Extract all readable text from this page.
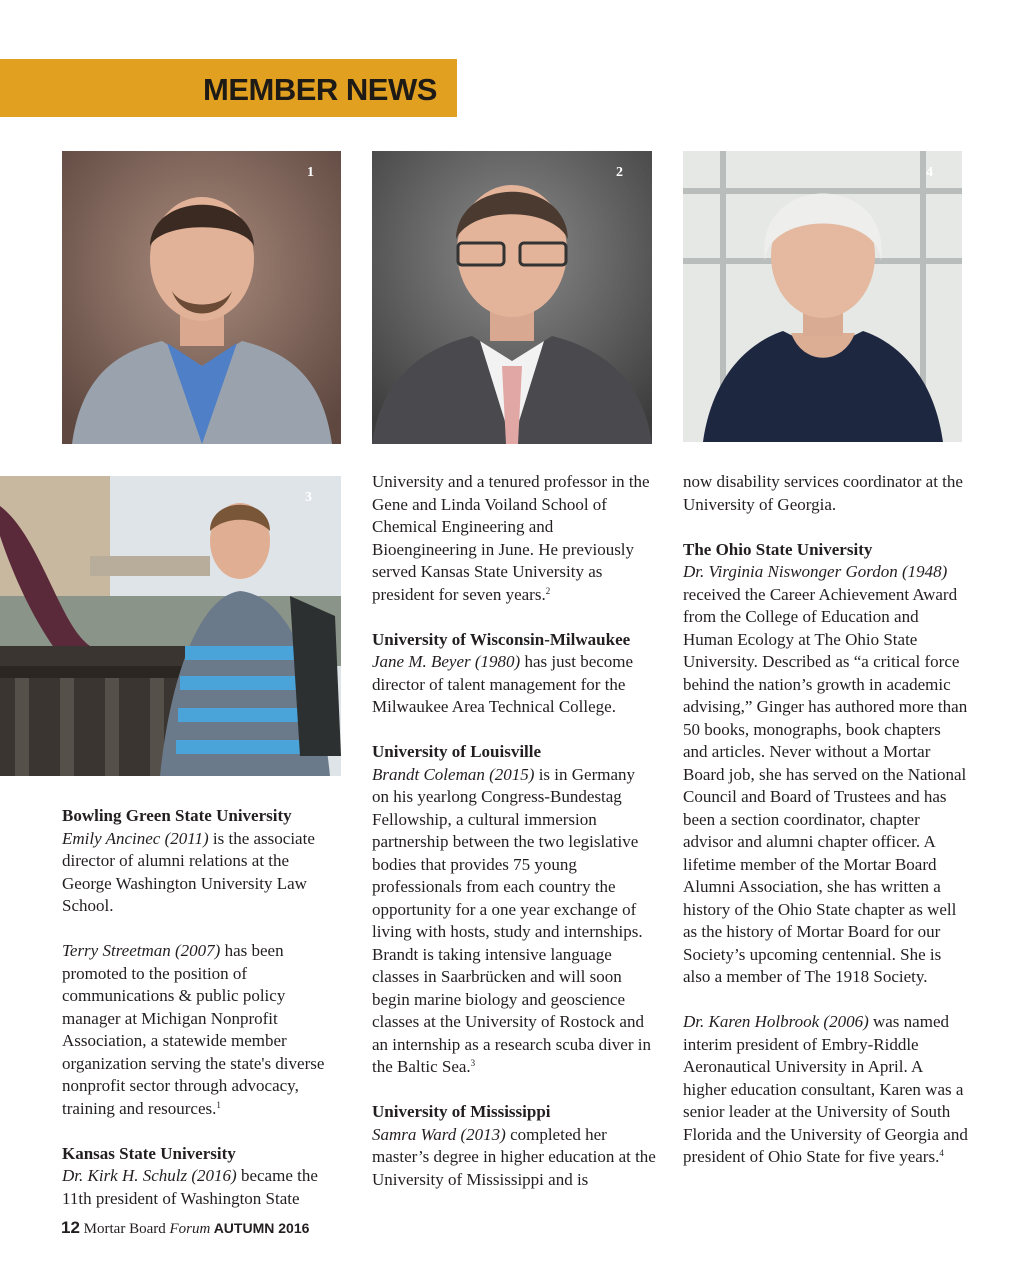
MEMBER NEWS
1	2	4
3

Bowling Green State University
Emily Ancinec (2011) is the associate director of alumni relations at the George Washington University Law School.

Terry Streetman (2007) has been promoted to the position of communications & public policy manager at Michigan Nonprofit Association, a statewide member organization serving the state's diverse nonprofit sector through advocacy, training and resources.$^1$

Kansas State University
Dr. Kirk H. Schulz (2016) became the 11th president of Washington State

University and a tenured professor in the Gene and Linda Voiland School of Chemical Engineering and Bioengineering in June. He previously served Kansas State University as president for seven years.$^2$

University of Wisconsin-Milwaukee
Jane M. Beyer (1980) has just become director of talent management for the Milwaukee Area Technical College.

University of Louisville
Brandt Coleman (2015) is in Germany on his yearlong Congress-Bundestag Fellowship, a cultural immersion partnership between the two legislative bodies that provides 75 young professionals from each country the opportunity for a one year exchange of living with hosts, study and internships. Brandt is taking intensive language classes in Saarbrücken and will soon begin marine biology and geoscience classes at the University of Rostock and an internship as a research scuba diver in the Baltic Sea.$^3$

University of Mississippi
Samra Ward (2013) completed her master’s degree in higher education at the University of Mississippi and is

now disability services coordinator at the University of Georgia.

The Ohio State University
Dr. Virginia Niswonger Gordon (1948) received the Career Achievement Award from the College of Education and Human Ecology at The Ohio State University. Described as “a critical force behind the nation’s growth in academic advising,” Ginger has authored more than 50 books, monographs, book chapters and articles. Never without a Mortar Board job, she has served on the National Council and Board of Trustees and has been a section coordinator, chapter advisor and alumni chapter officer. A lifetime member of the Mortar Board Alumni Association, she has written a history of the Ohio State chapter as well as the history of Mortar Board for our Society’s upcoming centennial. She is also a member of The 1918 Society.

Dr. Karen Holbrook (2006) was named interim president of Embry-Riddle Aeronautical University in April. A higher education consultant, Karen was a senior leader at the University of South Florida and the University of Georgia and president of Ohio State for five years.$^4$

12 Mortar Board Forum AUTUMN 2016
